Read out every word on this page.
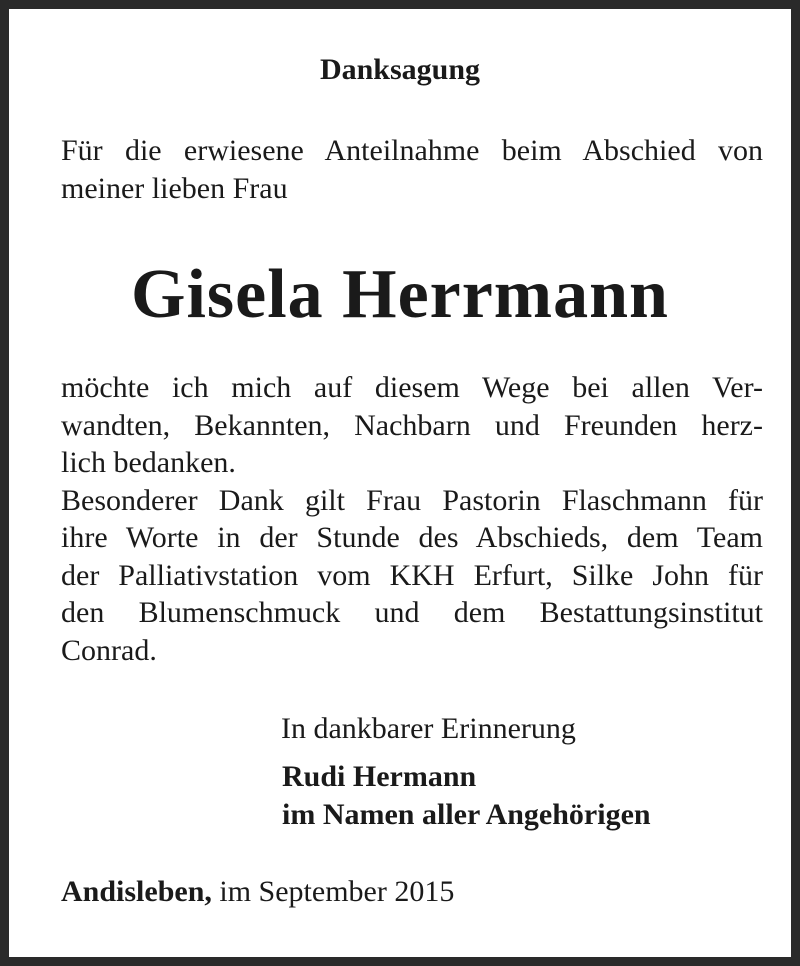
Danksagung
Für die erwiesene Anteilnahme beim Abschied von
meiner lieben Frau
Gisela Herrmann
möchte ich mich auf diesem Wege bei allen Ver-
wandten, Bekannten, Nachbarn und Freunden herz-
lich bedanken.
Besonderer Dank gilt Frau Pastorin Flaschmann für
ihre Worte in der Stunde des Abschieds, dem Team
der Palliativstation vom KKH Erfurt, Silke John für
den Blumenschmuck und dem Bestattungsinstitut
Conrad.
In dankbarer Erinnerung
Rudi Hermann
im Namen aller Angehörigen
Andisleben, im September 2015
